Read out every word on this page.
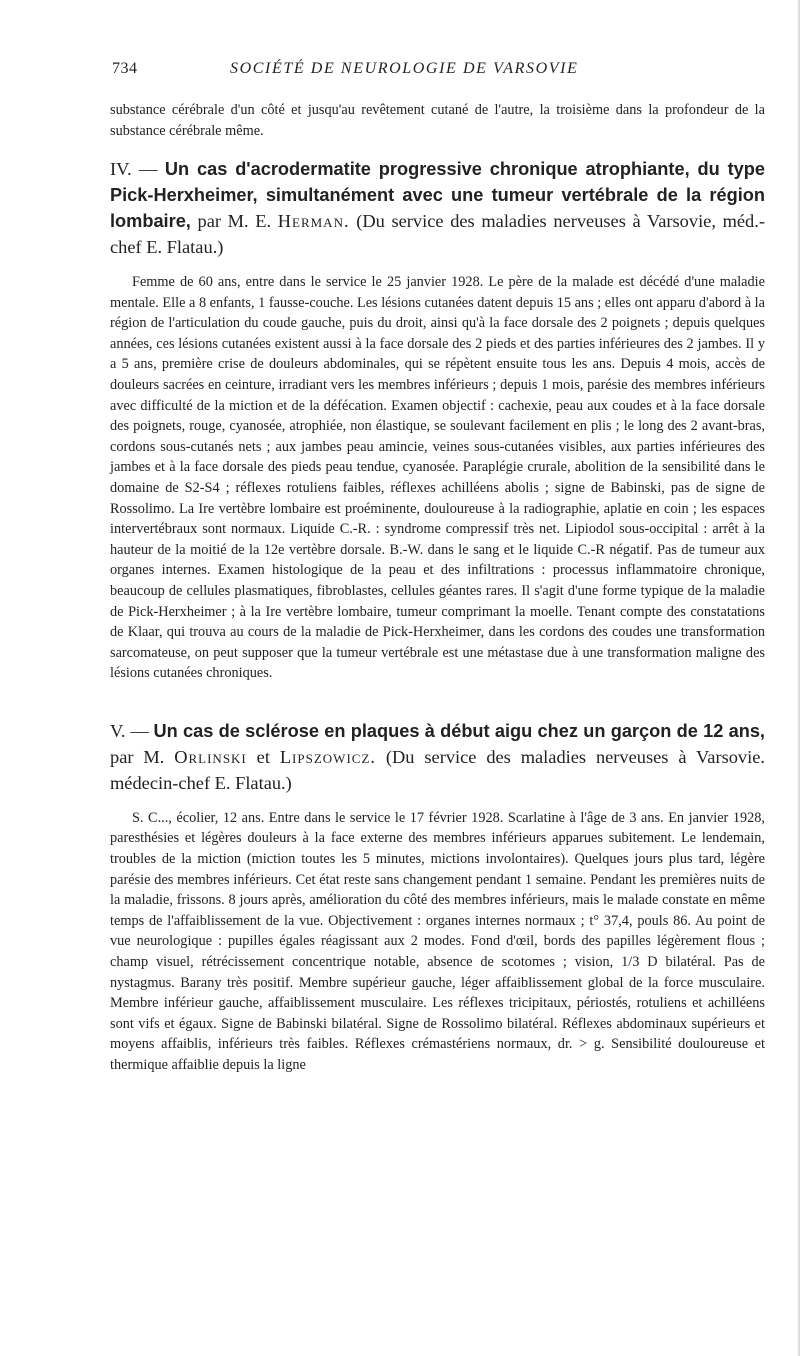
734	SOCIÉTÉ DE NEUROLOGIE DE VARSOVIE

substance cérébrale d'un côté et jusqu'au revêtement cutané de l'autre, la troisième dans la profondeur de la substance cérébrale même.

IV. — Un cas d'acrodermatite progressive chronique atrophiante, du type Pick-Herxheimer, simultanément avec une tumeur vertébrale de la région lombaire, par M. E. Herman. (Du service des maladies nerveuses à Varsovie, méd.-chef E. Flatau.)

Femme de 60 ans, entre dans le service le 25 janvier 1928. Le père de la malade est décédé d'une maladie mentale. Elle a 8 enfants, 1 fausse-couche. Les lésions cutanées datent depuis 15 ans ; elles ont apparu d'abord à la région de l'articulation du coude gauche, puis du droit, ainsi qu'à la face dorsale des 2 poignets ; depuis quelques années, ces lésions cutanées existent aussi à la face dorsale des 2 pieds et des parties inférieures des 2 jambes. Il y a 5 ans, première crise de douleurs abdominales, qui se répètent ensuite tous les ans. Depuis 4 mois, accès de douleurs sacrées en ceinture, irradiant vers les membres inférieurs ; depuis 1 mois, parésie des membres inférieurs avec difficulté de la miction et de la défécation. Examen objectif : cachexie, peau aux coudes et à la face dorsale des poignets, rouge, cyanosée, atrophiée, non élastique, se soulevant facilement en plis ; le long des 2 avant-bras, cordons sous-cutanés nets ; aux jambes peau amincie, veines sous-cutanées visibles, aux parties inférieures des jambes et à la face dorsale des pieds peau tendue, cyanosée. Paraplégie crurale, abolition de la sensibilité dans le domaine de S2-S4 ; réflexes rotuliens faibles, réflexes achilléens abolis ; signe de Babinski, pas de signe de Rossolimo. La Ire vertèbre lombaire est proéminente, douloureuse à la radiographie, aplatie en coin ; les espaces intervertébraux sont normaux. Liquide C.-R. : syndrome compressif très net. Lipiodol sous-occipital : arrêt à la hauteur de la moitié de la 12e vertèbre dorsale. B.-W. dans le sang et le liquide C.-R négatif. Pas de tumeur aux organes internes. Examen histologique de la peau et des infiltrations : processus inflammatoire chronique, beaucoup de cellules plasmatiques, fibroblastes, cellules géantes rares. Il s'agit d'une forme typique de la maladie de Pick-Herxheimer ; à la Ire vertèbre lombaire, tumeur comprimant la moelle. Tenant compte des constatations de Klaar, qui trouva au cours de la maladie de Pick-Herxheimer, dans les cordons des coudes une transformation sarcomateuse, on peut supposer que la tumeur vertébrale est une métastase due à une transformation maligne des lésions cutanées chroniques.

V. — Un cas de sclérose en plaques à début aigu chez un garçon de 12 ans, par M. Orlinski et Lipszowicz. (Du service des maladies nerveuses à Varsovie. médecin-chef E. Flatau.)

S. C..., écolier, 12 ans. Entre dans le service le 17 février 1928. Scarlatine à l'âge de 3 ans. En janvier 1928, paresthésies et légères douleurs à la face externe des membres inférieurs apparues subitement. Le lendemain, troubles de la miction (miction toutes les 5 minutes, mictions involontaires). Quelques jours plus tard, légère parésie des membres inférieurs. Cet état reste sans changement pendant 1 semaine. Pendant les premières nuits de la maladie, frissons. 8 jours après, amélioration du côté des membres inférieurs, mais le malade constate en même temps de l'affaiblissement de la vue. Objectivement : organes internes normaux ; t° 37,4, pouls 86. Au point de vue neurologique : pupilles égales réagissant aux 2 modes. Fond d'œil, bords des papilles légèrement flous ; champ visuel, rétrécissement concentrique notable, absence de scotomes ; vision, 1/3 D bilatéral. Pas de nystagmus. Barany très positif. Membre supérieur gauche, léger affaiblissement global de la force musculaire. Membre inférieur gauche, affaiblissement musculaire. Les réflexes tricipitaux, périostés, rotuliens et achilléens sont vifs et égaux. Signe de Babinski bilatéral. Signe de Rossolimo bilatéral. Réflexes abdominaux supérieurs et moyens affaiblis, inférieurs très faibles. Réflexes crémastériens normaux, dr. > g. Sensibilité douloureuse et thermique affaiblie depuis la ligne
